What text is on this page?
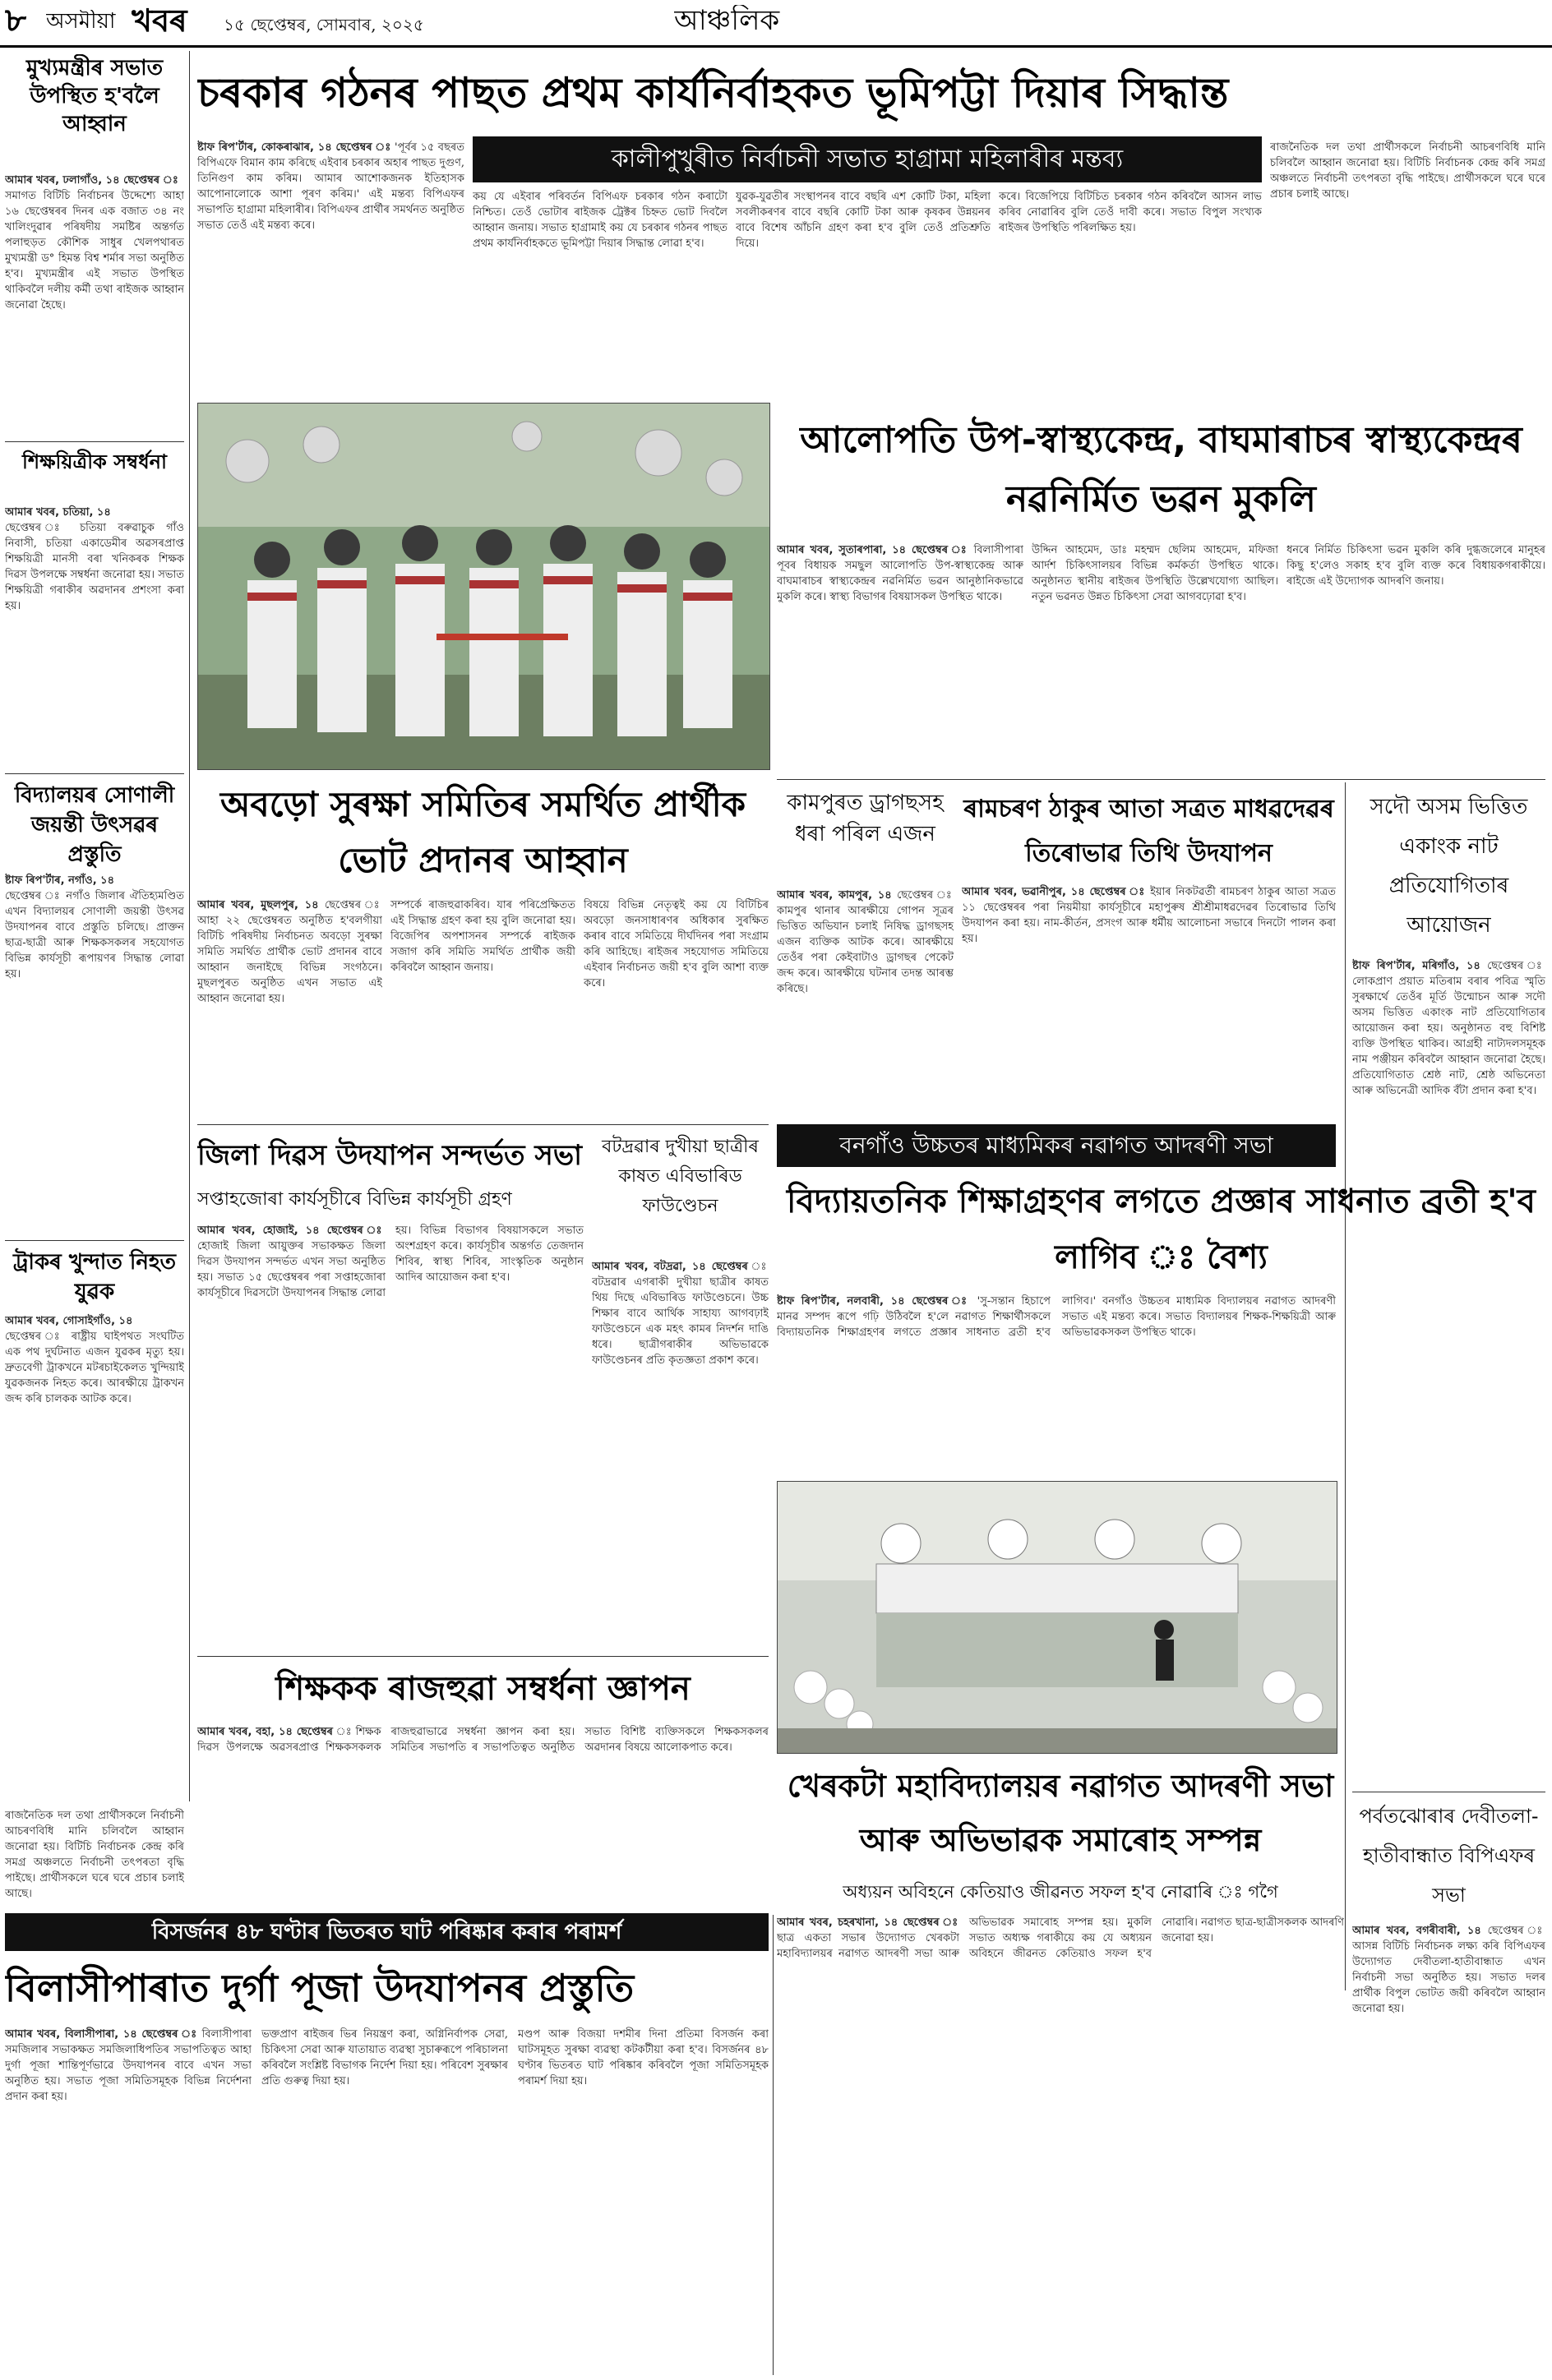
৮ অসমীয়া খবৰ	১৫ ছেপ্তেম্বৰ, সোমবাৰ, ২০২৫	আঞ্চলিক
মুখ্যমন্ত্ৰীৰ সভাত উপস্থিত হ'বলৈ আহ্বান
আমাৰ খবৰ, ঢলাগাঁও, ১৪ ছেপ্তেম্বৰ ঃ
সমাগত বিটিচি নিৰ্বাচনৰ উদ্দেশ্যে আহা ১৬ ছেপ্তেম্বৰৰ দিনৰ এক বজাত ৩৪ নং খালিংদুৱাৰ পৰিষদীয় সমষ্টিৰ অন্তৰ্গত পলাহুড়ত কৌশিক সাধুৰ খেলপথাৰত মুখ্যমন্ত্ৰী ড° হিমন্ত বিশ্ব শৰ্মাৰ সভা অনুষ্ঠিত হ'ব। মুখ্যমন্ত্ৰীৰ এই সভাত উপস্থিত থাকিবলৈ দলীয় কৰ্মী তথা ৰাইজক আহ্বান জনোৱা হৈছে।
শিক্ষয়িত্ৰীক সম্বৰ্ধনা
আমাৰ খবৰ, চতিয়া, ১৪
ছেপ্তেম্বৰ ঃ চতিয়া বৰুৱাচুক গাঁও নিবাসী, চতিয়া একাডেমীৰ অৱসৰপ্ৰাপ্ত শিক্ষয়িত্ৰী মানসী বৰা খনিকৰক শিক্ষক দিৱস উপলক্ষে সম্বৰ্ধনা জনোৱা হয়। সভাত শিক্ষয়িত্ৰী গৰাকীৰ অৱদানৰ প্ৰশংসা কৰা হয়।
বিদ্যালয়ৰ সোণালী জয়ন্তী উৎসৱৰ প্ৰস্তুতি
ষ্টাফ ৰিপ'ৰ্টাৰ, নগাঁও, ১৪
ছেপ্তেম্বৰ ঃ নগাঁও জিলাৰ ঐতিহ্যমণ্ডিত এখন বিদ্যালয়ৰ সোণালী জয়ন্তী উৎসৱ উদযাপনৰ বাবে প্ৰস্তুতি চলিছে। প্ৰাক্তন ছাত্ৰ-ছাত্ৰী আৰু শিক্ষকসকলৰ সহযোগত বিভিন্ন কাৰ্যসূচী ৰূপায়ণৰ সিদ্ধান্ত লোৱা হয়।
ট্ৰাকৰ খুন্দাত নিহত যুৱক
আমাৰ খবৰ, গোসাইগাঁও, ১৪
ছেপ্তেম্বৰ ঃ ৰাষ্ট্ৰীয় ঘাইপথত সংঘটিত এক পথ দুৰ্ঘটনাত এজন যুৱকৰ মৃত্যু হয়। দ্ৰুতবেগী ট্ৰাকখনে মটৰচাইকেলত খুন্দিয়াই যুৱকজনক নিহত কৰে। আৰক্ষীয়ে ট্ৰাকখন জব্দ কৰি চালকক আটক কৰে।
চৰকাৰ গঠনৰ পাছত প্ৰথম কাৰ্যনিৰ্বাহকত ভূমিপট্টা দিয়াৰ সিদ্ধান্ত
কালীপুখুৰীত নিৰ্বাচনী সভাত হাগ্ৰামা মহিলাৰীৰ মন্তব্য
ষ্টাফ ৰিপ'ৰ্টাৰ, কোকৰাঝাৰ, ১৪ ছেপ্তেম্বৰ ঃ 'পূৰ্বৰ ১৫ বছৰত বিপিএফে বিমান কাম কৰিছে এইবাৰ চৰকাৰ অহাৰ পাছত দুগুণ, তিনিগুণ কাম কৰিম। আমাৰ আশোকজনক ইতিহাসক আপোনালোকে আশা পূৰণ কৰিম।' এই মন্তব্য বিপিএফৰ সভাপতি হাগ্ৰামা মহিলাৰীৰ। বিপিএফৰ প্ৰাৰ্থীৰ সমৰ্থনত অনুষ্ঠিত সভাত তেওঁ এই মন্তব্য কৰে।
কয় যে এইবাৰ পৰিবৰ্তন বিপিএফ চৰকাৰ গঠন কৰাটো নিশ্চিত। তেওঁ ভোটাৰ ৰাইজক ট্ৰেক্টৰ চিহ্নত ভোট দিবলৈ আহ্বান জনায়। সভাত হাগ্ৰামাই কয় যে চৰকাৰ গঠনৰ পাছত প্ৰথম কাৰ্যনিৰ্বাহকতে ভূমিপট্টা দিয়াৰ সিদ্ধান্ত লোৱা হ'ব।
যুৱক-যুৱতীৰ সংস্থাপনৰ বাবে বছৰি এশ কোটি টকা, মহিলা সবলীকৰণৰ বাবে বছৰি কোটি টকা আৰু কৃষকৰ উন্নয়নৰ বাবে বিশেষ আঁচনি গ্ৰহণ কৰা হ'ব বুলি তেওঁ প্ৰতিশ্ৰুতি দিয়ে।
কৰে। বিজেপিয়ে বিটিচিত চৰকাৰ গঠন কৰিবলৈ আসন লাভ কৰিব নোৱাৰিব বুলি তেওঁ দাবী কৰে। সভাত বিপুল সংখ্যক ৰাইজৰ উপস্থিতি পৰিলক্ষিত হয়।
ৰাজনৈতিক দল তথা প্ৰাৰ্থীসকলে নিৰ্বাচনী আচৰণবিধি মানি চলিবলৈ আহ্বান জনোৱা হয়। বিটিচি নিৰ্বাচনক কেন্দ্ৰ কৰি সমগ্ৰ অঞ্চলতে নিৰ্বাচনী তৎপৰতা বৃদ্ধি পাইছে। প্ৰাৰ্থীসকলে ঘৰে ঘৰে প্ৰচাৰ চলাই আছে।
আলোপতি উপ-স্বাস্থ্যকেন্দ্ৰ, বাঘমাৰাচৰ স্বাস্থ্যকেন্দ্ৰৰ নৱনিৰ্মিত ভৱন মুকলি
আমাৰ খবৰ, সুতাৰপাৰা, ১৪ ছেপ্তেম্বৰ ঃ বিলাসীপাৰা পূবৰ বিধায়ক সমছুল আলোপতি উপ-স্বাস্থ্যকেন্দ্ৰ আৰু বাঘমাৰাচৰ স্বাস্থ্যকেন্দ্ৰৰ নৱনিৰ্মিত ভৱন আনুষ্ঠানিকভাৱে মুকলি কৰে। স্বাস্থ্য বিভাগৰ বিষয়াসকল উপস্থিত থাকে।
উদ্দিন আহমেদ, ডাঃ মহম্মদ ছেলিম আহমেদ, মফিজা আৰ্দশ চিকিৎসালয়ৰ বিভিন্ন কৰ্মকৰ্তা উপস্থিত থাকে। অনুষ্ঠানত স্থানীয় ৰাইজৰ উপস্থিতি উল্লেখযোগ্য আছিল। নতুন ভৱনত উন্নত চিকিৎসা সেৱা আগবঢ়োৱা হ'ব।
ধনৰে নিৰ্মিত চিকিৎসা ভৱন মুকলি কৰি দুগ্ধজলেৰে মানুহৰ কিছু হ'লেও সকাহ হ'ব বুলি ব্যক্ত কৰে বিধায়কগৰাকীয়ে। ৰাইজে এই উদ্যোগক আদৰণি জনায়।
অবড়ো সুৰক্ষা সমিতিৰ সমৰ্থিত প্ৰাৰ্থীক ভোট প্ৰদানৰ আহ্বান
আমাৰ খবৰ, মুছলপুৰ, ১৪ ছেপ্তেম্বৰ ঃ আহা ২২ ছেপ্তেম্বৰত অনুষ্ঠিত হ'বলগীয়া বিটিচি পৰিষদীয় নিৰ্বাচনত অবড়ো সুৰক্ষা সমিতি সমৰ্থিত প্ৰাৰ্থীক ভোট প্ৰদানৰ বাবে আহ্বান জনাইছে বিভিন্ন সংগঠনে। মুছলপুৰত অনুষ্ঠিত এখন সভাত এই আহ্বান জনোৱা হয়।
সম্পৰ্কে ৰাজহুৱাকৰিব। যাৰ পৰিপ্ৰেক্ষিতত এই সিদ্ধান্ত গ্ৰহণ কৰা হয় বুলি জনোৱা হয়। বিজেপিৰ অপশাসনৰ সম্পৰ্কে ৰাইজক সজাগ কৰি সমিতি সমৰ্থিত প্ৰাৰ্থীক জয়ী কৰিবলৈ আহ্বান জনায়।
বিষয়ে বিভিন্ন নেতৃত্বই কয় যে বিটিচিৰ অবড়ো জনসাধাৰণৰ অধিকাৰ সুৰক্ষিত কৰাৰ বাবে সমিতিয়ে দীৰ্ঘদিনৰ পৰা সংগ্ৰাম কৰি আহিছে। ৰাইজৰ সহযোগত সমিতিয়ে এইবাৰ নিৰ্বাচনত জয়ী হ'ব বুলি আশা ব্যক্ত কৰে।
কামপুৰত ড্ৰাগছসহ ধৰা পৰিল এজন
আমাৰ খবৰ, কামপুৰ, ১৪ ছেপ্তেম্বৰ ঃ কামপুৰ থানাৰ আৰক্ষীয়ে গোপন সূত্ৰৰ ভিত্তিত অভিযান চলাই নিষিদ্ধ ড্ৰাগছসহ এজন ব্যক্তিক আটক কৰে। আৰক্ষীয়ে তেওঁৰ পৰা কেইবাটাও ড্ৰাগছৰ পেকেট জব্দ কৰে। আৰক্ষীয়ে ঘটনাৰ তদন্ত আৰম্ভ কৰিছে।
ৰামচৰণ ঠাকুৰ আতা সত্ৰত মাধৱদেৱৰ তিৰোভাৱ তিথি উদযাপন
আমাৰ খবৰ, ভৱানীপুৰ, ১৪ ছেপ্তেম্বৰ ঃ ইয়াৰ নিকটৱৰ্তী ৰামচৰণ ঠাকুৰ আতা সত্ৰত ১১ ছেপ্তেম্বৰৰ পৰা নিয়মীয়া কাৰ্যসূচীৰে মহাপুৰুষ শ্ৰীশ্ৰীমাধৱদেৱৰ তিৰোভাৱ তিথি উদযাপন কৰা হয়। নাম-কীৰ্তন, প্ৰসংগ আৰু ধৰ্মীয় আলোচনা সভাৰে দিনটো পালন কৰা হয়।
সদৌ অসম ভিত্তিত একাংক নাট প্ৰতিযোগিতাৰ আয়োজন
ষ্টাফ ৰিপ'ৰ্টাৰ, মৰিগাঁও, ১৪ ছেপ্তেম্বৰ ঃ লোকপ্ৰাণ প্ৰয়াত মতিৰাম বৰাৰ পবিত্ৰ স্মৃতি সুৰক্ষাৰ্থে তেওঁৰ মূৰ্তি উন্মোচন আৰু সদৌ অসম ভিত্তিত একাংক নাট প্ৰতিযোগিতাৰ আয়োজন কৰা হয়। অনুষ্ঠানত বহু বিশিষ্ট ব্যক্তি উপস্থিত থাকিব। আগ্ৰহী নাট্যদলসমূহক নাম পঞ্জীয়ন কৰিবলৈ আহ্বান জনোৱা হৈছে। প্ৰতিযোগিতাত শ্ৰেষ্ঠ নাট, শ্ৰেষ্ঠ অভিনেতা আৰু অভিনেত্ৰী আদিক বঁটা প্ৰদান কৰা হ'ব।
বনগাঁও উচ্চতৰ মাধ্যমিকৰ নৱাগত আদৰণী সভা
জিলা দিৱস উদযাপন সন্দৰ্ভত সভা
সপ্তাহজোৰা কাৰ্যসূচীৰে বিভিন্ন কাৰ্যসূচী গ্ৰহণ
আমাৰ খবৰ, হোজাই, ১৪ ছেপ্তেম্বৰ ঃ হোজাই জিলা আয়ুক্তৰ সভাকক্ষত জিলা দিৱস উদযাপন সন্দৰ্ভত এখন সভা অনুষ্ঠিত হয়। সভাত ১৫ ছেপ্তেম্বৰৰ পৰা সপ্তাহজোৰা কাৰ্যসূচীৰে দিৱসটো উদযাপনৰ সিদ্ধান্ত লোৱা হয়। বিভিন্ন বিভাগৰ বিষয়াসকলে সভাত অংশগ্ৰহণ কৰে। কাৰ্যসূচীৰ অন্তৰ্গত তেজদান শিবিৰ, স্বাস্থ্য শিবিৰ, সাংস্কৃতিক অনুষ্ঠান আদিৰ আয়োজন কৰা হ'ব।
বটদ্ৰৱাৰ দুখীয়া ছাত্ৰীৰ কাষত এবিভাৰিড ফাউণ্ডেচন
আমাৰ খবৰ, বটদ্ৰৱা, ১৪ ছেপ্তেম্বৰ বটদ্ৰৱাৰ এগৰাকী দুখীয়া ছাত্ৰীৰ কাষত থিয় দিছে এবিভাৰিড ফাউণ্ডেচনে। উচ্চ শিক্ষাৰ বাবে আৰ্থিক সাহায্য আগবঢ়াই ফাউণ্ডেচনে এক মহৎ কামৰ নিদৰ্শন দাঙি ধৰে। ছাত্ৰীগৰাকীৰ অভিভাৱকে ফাউণ্ডেচনৰ প্ৰতি কৃতজ্ঞতা প্ৰকাশ কৰে।
বিদ্যায়তনিক শিক্ষাগ্ৰহণৰ লগতে প্ৰজ্ঞাৰ সাধনাত ব্ৰতী হ'ব লাগিব ঃ বৈশ্য
ষ্টাফ ৰিপ'ৰ্টাৰ, নলবাৰী, ১৪ ছেপ্তেম্বৰ ঃ 'সু-সন্তান হিচাপে মানৱ সম্পদ ৰূপে গঢ়ি উঠিবলৈ হ'লে নৱাগত শিক্ষাৰ্থীসকলে বিদ্যায়তনিক শিক্ষাগ্ৰহণৰ লগতে প্ৰজ্ঞাৰ সাধনাত ব্ৰতী হ'ব লাগিব।' বনগাঁও উচ্চতৰ মাধ্যমিক বিদ্যালয়ৰ নৱাগত আদৰণী সভাত এই মন্তব্য কৰে। সভাত বিদ্যালয়ৰ শিক্ষক-শিক্ষয়িত্ৰী আৰু অভিভাৱকসকল উপস্থিত থাকে।
শিক্ষকক ৰাজহুৱা সম্বৰ্ধনা জ্ঞাপন
আমাৰ খবৰ, বহা, ১৪ ছেপ্তেম্বৰ ঃ শিক্ষক দিৱস উপলক্ষে অৱসৰপ্ৰাপ্ত শিক্ষকসকলক ৰাজহুৱাভাৱে সম্বৰ্ধনা জ্ঞাপন কৰা হয়। সমিতিৰ সভাপতি ৰ সভাপতিত্বত অনুষ্ঠিত সভাত বিশিষ্ট ব্যক্তিসকলে শিক্ষকসকলৰ অৱদানৰ বিষয়ে আলোকপাত কৰে।
ৰাজনৈতিক দল তথা প্ৰাৰ্থীসকলে নিৰ্বাচনী আচৰণবিধি মানি চলিবলৈ আহ্বান জনোৱা হয়। বিটিচি নিৰ্বাচনক কেন্দ্ৰ কৰি সমগ্ৰ অঞ্চলতে নিৰ্বাচনী তৎপৰতা বৃদ্ধি পাইছে। প্ৰাৰ্থীসকলে ঘৰে ঘৰে প্ৰচাৰ চলাই আছে।
পৰ্বতঝোৰাৰ দেবীতলা-হাতীবান্ধাত বিপিএফৰ সভা
আমাৰ খবৰ, বগৰীবাৰী, ১৪ ছেপ্তেম্বৰ ঃ আসন্ন বিটিচি নিৰ্বাচনক লক্ষ্য কৰি বিপিএফৰ উদ্যোগত দেবীতলা-হাতীবান্ধাত এখন নিৰ্বাচনী সভা অনুষ্ঠিত হয়। সভাত দলৰ প্ৰাৰ্থীক বিপুল ভোটত জয়ী কৰিবলৈ আহ্বান জনোৱা হয়।
খেৰকটা মহাবিদ্যালয়ৰ নৱাগত আদৰণী সভা আৰু অভিভাৱক সমাৰোহ সম্পন্ন
অধ্যয়ন অবিহনে কেতিয়াও জীৱনত সফল হ'ব নোৱাৰি ঃ গগৈ
আমাৰ খবৰ, চহৰখানা, ১৪ ছেপ্তেম্বৰ ঃ ছাত্ৰ একতা সভাৰ উদ্যোগত খেৰকটা মহাবিদ্যালয়ৰ নৱাগত আদৰণী সভা আৰু অভিভাৱক সমাৰোহ সম্পন্ন হয়। মুকলি সভাত অধ্যক্ষ গৰাকীয়ে কয় যে অধ্যয়ন অবিহনে জীৱনত কেতিয়াও সফল হ'ব নোৱাৰি। নৱাগত ছাত্ৰ-ছাত্ৰীসকলক আদৰণি জনোৱা হয়।
বিসৰ্জনৰ ৪৮ ঘণ্টাৰ ভিতৰত ঘাট পৰিষ্কাৰ কৰাৰ পৰামৰ্শ
বিলাসীপাৰাত দুৰ্গা পূজা উদযাপনৰ প্ৰস্তুতি
আমাৰ খবৰ, বিলাসীপাৰা, ১৪ ছেপ্তেম্বৰ ঃ বিলাসীপাৰা সমজিলাৰ সভাকক্ষত সমজিলাধিপতিৰ সভাপতিত্বত আহা দুৰ্গা পূজা শান্তিপূৰ্ণভাৱে উদযাপনৰ বাবে এখন সভা অনুষ্ঠিত হয়। সভাত পূজা সমিতিসমূহক বিভিন্ন নিৰ্দেশনা প্ৰদান কৰা হয়।
ভক্তপ্ৰাণ ৰাইজৰ ভিৰ নিয়ন্ত্ৰণ কৰা, অগ্নিনিৰ্বাপক সেৱা, চিকিৎসা সেৱা আৰু যাতায়াত ব্যৱস্থা সুচাৰুৰূপে পৰিচালনা কৰিবলৈ সংশ্লিষ্ট বিভাগক নিৰ্দেশ দিয়া হয়। পৰিবেশ সুৰক্ষাৰ প্ৰতি গুৰুত্ব দিয়া হয়।
মণ্ডপ আৰু বিজয়া দশমীৰ দিনা প্ৰতিমা বিসৰ্জন কৰা ঘাটসমূহত সুৰক্ষা ব্যৱস্থা কটকটীয়া কৰা হ'ব। বিসৰ্জনৰ ৪৮ ঘণ্টাৰ ভিতৰত ঘাট পৰিষ্কাৰ কৰিবলৈ পূজা সমিতিসমূহক পৰামৰ্শ দিয়া হয়।
